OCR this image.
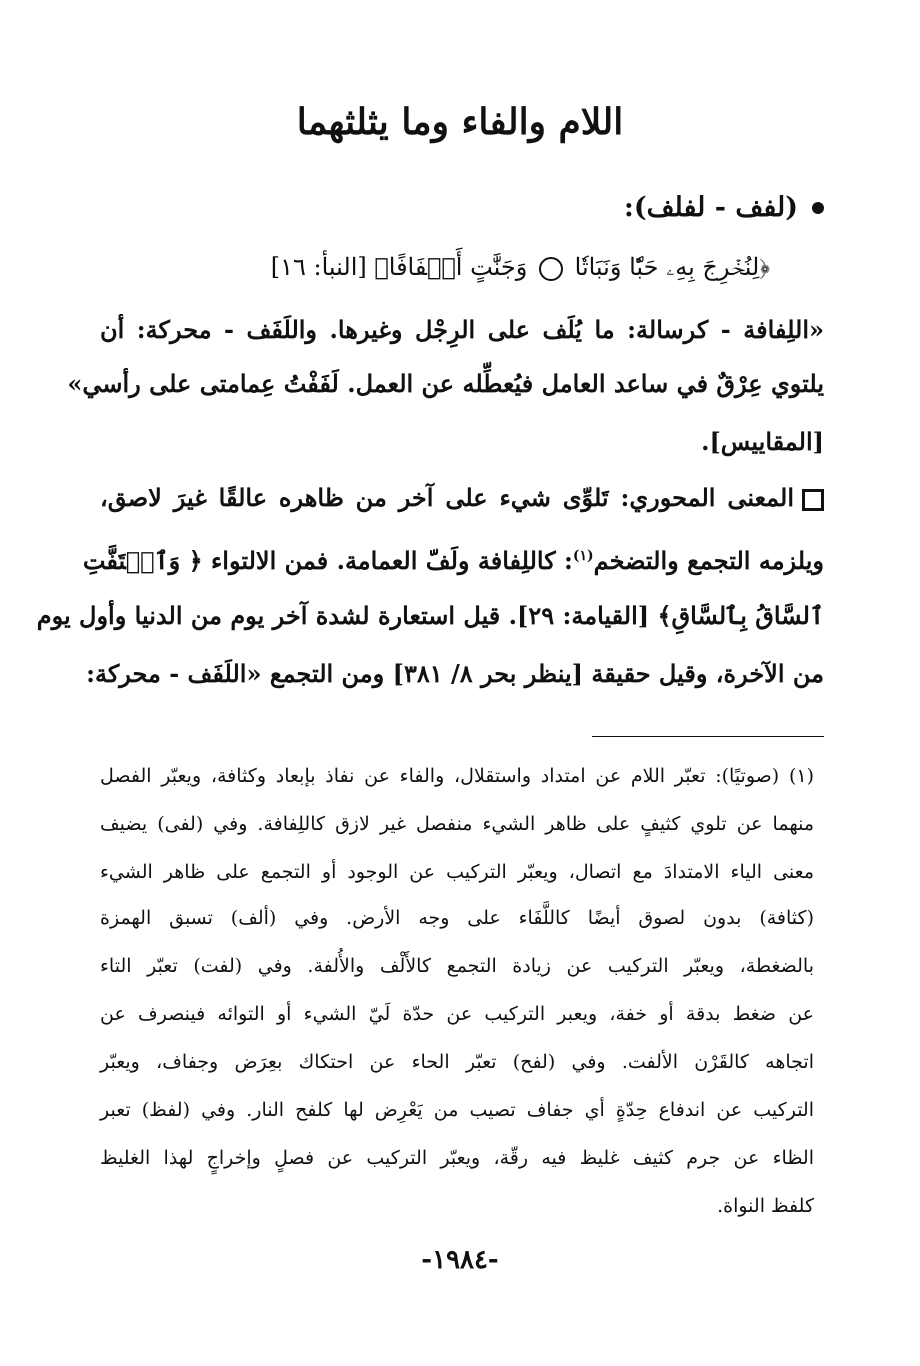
اللام والفاء وما يثلثهما
(لفف - لفلف):
﴿لِنُخۡرِجَ بِهِۦ حَبّٗا وَنَبَاتٗا  وَجَنَّٰتٍ أَلۡفَافًا﴾ [النبأ: ١٦]
«اللِفافة - كرسالة: ما يُلَف على الرِجْل وغيرها. واللَفَف - محركة: أن
يلتوي عِرْقٌ في ساعد العامل فيُعطِّله عن العمل. لَفَفْتُ عِمامتى على رأسي»
[المقاييس].
المعنى المحوري: تَلوِّى شيء على آخر من ظاهره عالقًا غيرَ لاصق،
ويلزمه التجمع والتضخم$^{(١)}$: كاللِفافة ولَفّ العمامة. فمن الالتواء ﴿ وَٱلۡتَفَّتِ
ٱلسَّاقُ بِٱلسَّاقِ﴾ [القيامة: ٢٩]. قيل استعارة لشدة آخر يوم من الدنيا وأول يوم
من الآخرة، وقيل حقيقة [ينظر بحر ٨/ ٣٨١] ومن التجمع «اللَفَف - محركة:
(١) (صوتيًا): تعبّر اللام عن امتداد واستقلال، والفاء عن نفاذ بإبعاد وكثافة، ويعبّر الفصل
منهما عن تلوي كثيفٍ على ظاهر الشيء منفصل غير لازق كاللِفافة. وفي (لفى) يضيف
معنى الياء الامتدادَ مع اتصال، ويعبّر التركيب عن الوجود أو التجمع على ظاهر الشيء
(كثافة) بدون لصوق أيضًا كاللَّفَاء على وجه الأرض. وفي (ألف) تسبق الهمزة
بالضغطة، ويعبّر التركيب عن زيادة التجمع كالأَلْف والأُلفة. وفي (لفت) تعبّر التاء
عن ضغط بدقة أو خفة، ويعبر التركيب عن حدّة لَيّ الشيء أو التوائه فينصرف عن
اتجاهه كالقَرْن الألفت. وفي (لفح) تعبّر الحاء عن احتكاك بعِرَض وجفاف، ويعبّر
التركيب عن اندفاع حِدّةٍ أي جفاف تصيب من يَعْرِض لها كلفح النار. وفي (لفظ) تعبر
الظاء عن جرم كثيف غليظ فيه رقّة، ويعبّر التركيب عن فصلٍ وإخراجٍ لهذا الغليظ
كلفظ النواة.
-١٩٨٤-
